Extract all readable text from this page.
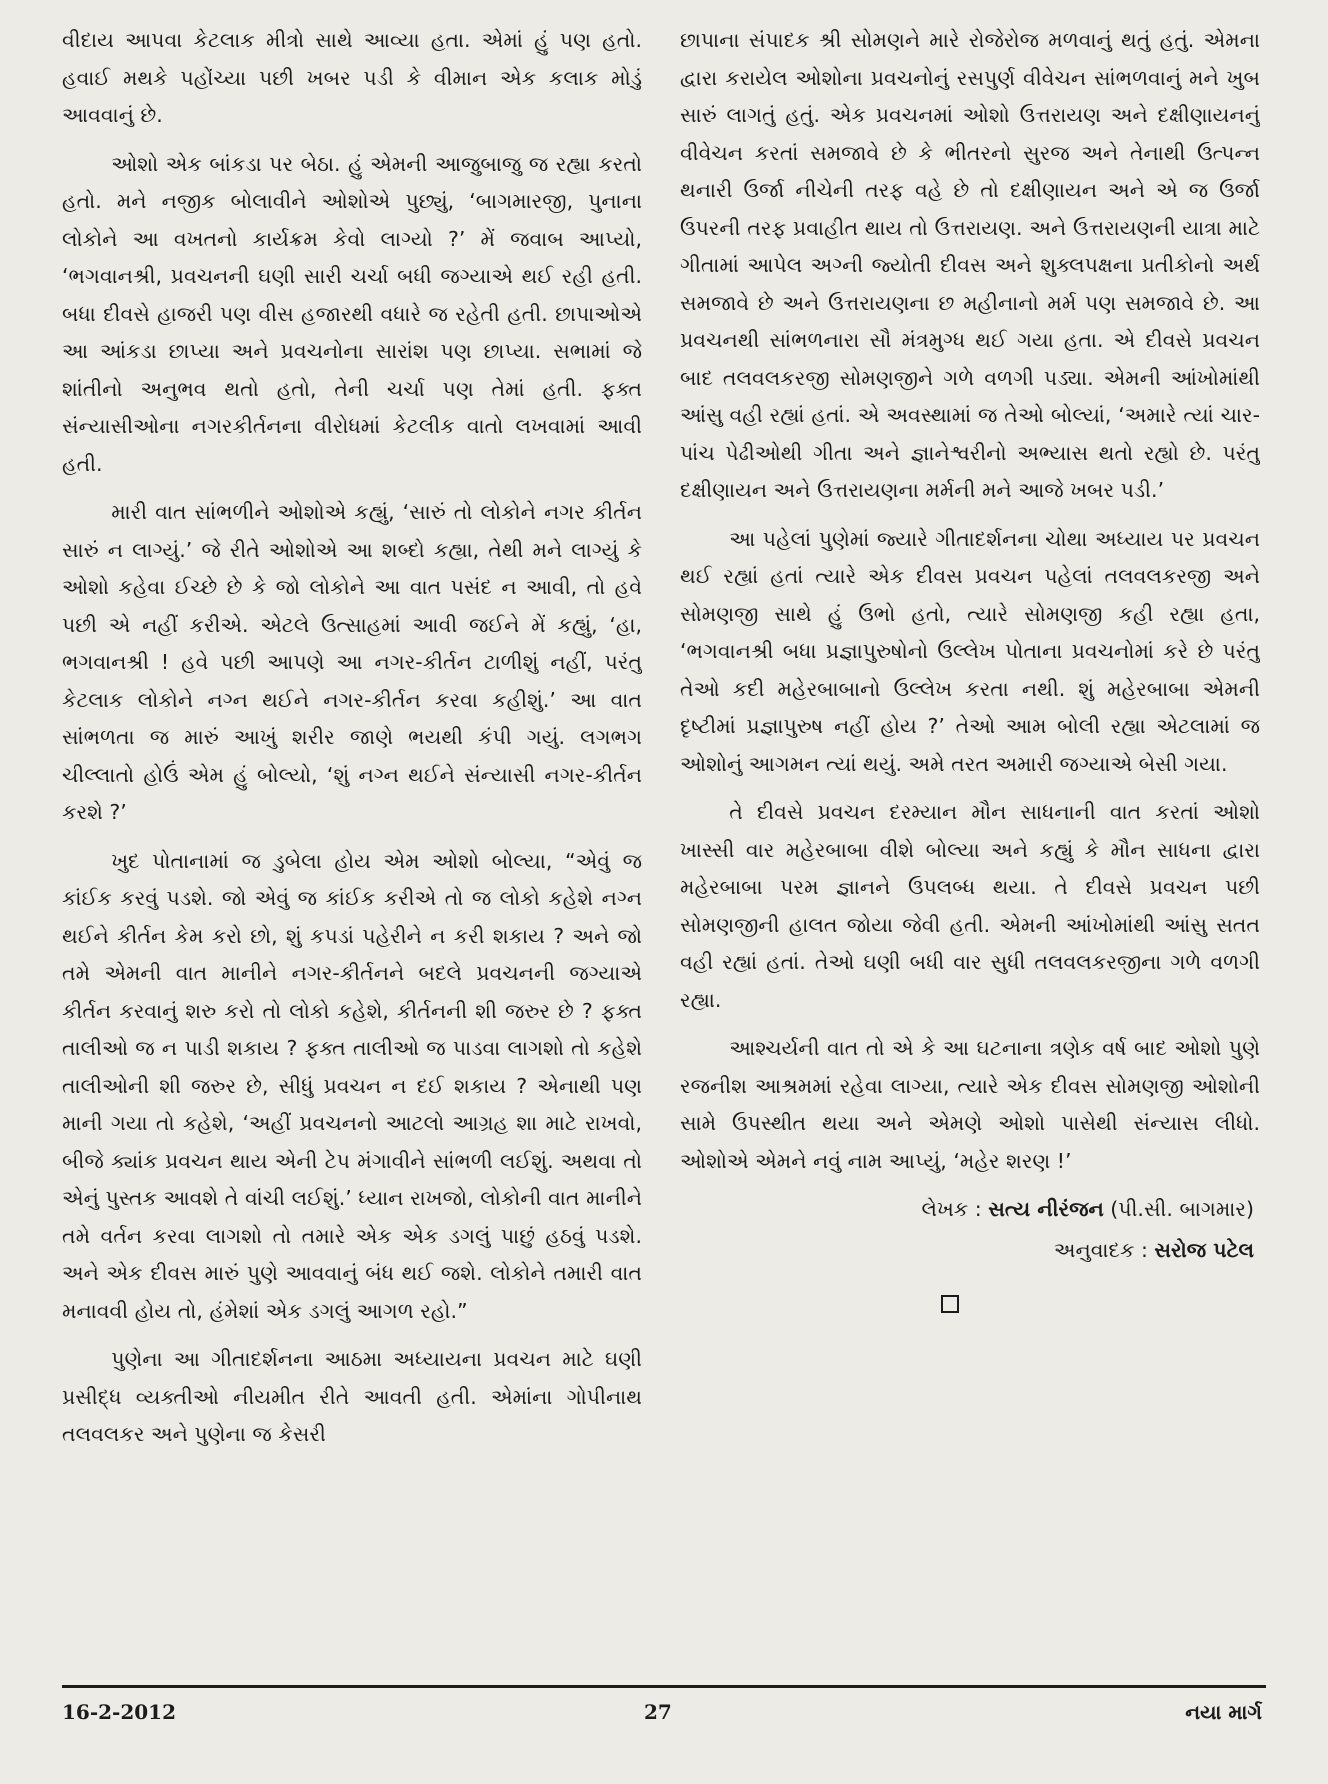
વીદાય આપવા કેટલાક મીત્રો સાથે આવ્યા હતા. એમાં હું પણ હતો. હવાઈ મથકે પહોંચ્યા પછી ખબર પડી કે વીમાન એક કલાક મોડું આવવાનું છે.

ઓશો એક બાંકડા પર બેઠા. હું એમની આજુબાજુ જ રહ્યા કરતો હતો. મને નજીક બોલાવીને ઓશોએ પુછ્યું, ‘બાગમારજી, પુનાના લોકોને આ વખતનો કાર્યક્રમ કેવો લાગ્યો ?’ મેં જવાબ આપ્યો, ‘ભગવાનશ્રી, પ્રવચનની ઘણી સારી ચર્ચા બધી જગ્યાએ થઈ રહી હતી. બધા દીવસે હાજરી પણ વીસ હજારથી વધારે જ રહેતી હતી. છાપાઓએ આ આંકડા છાપ્યા અને પ્રવચનોના સારાંશ પણ છાપ્યા. સભામાં જે શાંતીનો અનુભવ થતો હતો, તેની ચર્ચા પણ તેમાં હતી. ફક્ત સંન્યાસીઓના નગરકીર્તનના વીરોધમાં કેટલીક વાતો લખવામાં આવી હતી.

મારી વાત સાંભળીને ઓશોએ કહ્યું, ‘સારું તો લોકોને નગર કીર્તન સારું ન લાગ્યું.’ જે રીતે ઓશોએ આ શબ્દો કહ્યા, તેથી મને લાગ્યું કે ઓશો કહેવા ઈચ્છે છે કે જો લોકોને આ વાત પસંદ ન આવી, તો હવે પછી એ નહીં કરીએ. એટલે ઉત્સાહમાં આવી જઈને મેં કહ્યું, ‘હા, ભગવાનશ્રી ! હવે પછી આપણે આ નગર-કીર્તન ટાળીશું નહીં, પરંતુ કેટલાક લોકોને નગ્ન થઈને નગર-કીર્તન કરવા કહીશું.’ આ વાત સાંભળતા જ મારું આખું શરીર જાણે ભયથી કંપી ગયું. લગભગ ચીલ્લાતો હોઉં એમ હું બોલ્યો, ‘શું નગ્ન થઈને સંન્યાસી નગર-કીર્તન કરશે ?’

ખુદ પોતાનામાં જ ડુબેલા હોય એમ ઓશો બોલ્યા, “એવું જ કાંઈક કરવું પડશે. જો એવું જ કાંઈક કરીએ તો જ લોકો કહેશે નગ્ન થઈને કીર્તન કેમ કરો છો, શું કપડાં પહેરીને ન કરી શકાય ? અને જો તમે એમની વાત માનીને નગર-કીર્તનને બદલે પ્રવચનની જગ્યાએ કીર્તન કરવાનું શરુ કરો તો લોકો કહેશે, કીર્તનની શી જરુર છે ? ફક્ત તાલીઓ જ ન પાડી શકાય ? ફક્ત તાલીઓ જ પાડવા લાગશો તો કહેશે તાલીઓની શી જરુર છે, સીધું પ્રવચન ન દઈ શકાય ? એનાથી પણ માની ગયા તો કહેશે, ‘અહીં પ્રવચનનો આટલો આગ્રહ શા માટે રાખવો, બીજે ક્યાંક પ્રવચન થાય એની ટેપ મંગાવીને સાંભળી લઈશું. અથવા તો એનું પુસ્તક આવશે તે વાંચી લઈશું.’ ધ્યાન રાખજો, લોકોની વાત માનીને તમે વર્તન કરવા લાગશો તો તમારે એક એક ડગલું પાછું હઠવું પડશે. અને એક દીવસ મારું પુણે આવવાનું બંધ થઈ જશે. લોકોને તમારી વાત મનાવવી હોય તો, હંમેશાં એક ડગલું આગળ રહો.”

પુણેના આ ગીતાદર્શનના આઠમા અધ્યાયના પ્રવચન માટે ઘણી પ્રસીદ્ધ વ્યક્તીઓ નીયમીત રીતે આવતી હતી. એમાંના ગોપીનાથ તલવલકર અને પુણેના જ કેસરી

છાપાના સંપાદક શ્રી સોમણને મારે રોજેરોજ મળવાનું થતું હતું. એમના દ્વારા કરાયેલ ઓશોના પ્રવચનોનું રસપુર્ણ વીવેચન સાંભળવાનું મને ખુબ સારું લાગતું હતું. એક પ્રવચનમાં ઓશો ઉત્તરાયણ અને દક્ષીણાયનનું વીવેચન કરતાં સમજાવે છે કે ભીતરનો સુરજ અને તેનાથી ઉત્પન્ન થનારી ઉર્જા નીચેની તરફ વહે છે તો દક્ષીણાયન અને એ જ ઉર્જા ઉપરની તરફ પ્રવાહીત થાય તો ઉત્તરાયણ. અને ઉત્તરાયણની યાત્રા માટે ગીતામાં આપેલ અગ્ની જ્યોતી દીવસ અને શુક્લપક્ષના પ્રતીકોનો અર્થ સમજાવે છે અને ઉત્તરાયણના છ મહીનાનો મર્મ પણ સમજાવે છે. આ પ્રવચનથી સાંભળનારા સૌ મંત્રમુગ્ધ થઈ ગયા હતા. એ દીવસે પ્રવચન બાદ તલવલકરજી સોમણજીને ગળે વળગી પડ્યા. એમની આંખોમાંથી આંસુ વહી રહ્યાં હતાં. એ અવસ્થામાં જ તેઓ બોલ્યાં, ‘અમારે ત્યાં ચાર-પાંચ પેઢીઓથી ગીતા અને જ્ઞાનેશ્વરીનો અભ્યાસ થતો રહ્યો છે. પરંતુ દક્ષીણાયન અને ઉત્તરાયણના મર્મની મને આજે ખબર પડી.’

આ પહેલાં પુણેમાં જ્યારે ગીતાદર્શનના ચોથા અધ્યાય પર પ્રવચન થઈ રહ્યાં હતાં ત્યારે એક દીવસ પ્રવચન પહેલાં તલવલકરજી અને સોમણજી સાથે હું ઉભો હતો, ત્યારે સોમણજી કહી રહ્યા હતા, ‘ભગવાનશ્રી બધા પ્રજ્ઞાપુરુષોનો ઉલ્લેખ પોતાના પ્રવચનોમાં કરે છે પરંતુ તેઓ કદી મહેરબાબાનો ઉલ્લેખ કરતા નથી. શું મહેરબાબા એમની દૃષ્ટીમાં પ્રજ્ઞાપુરુષ નહીં હોય ?’ તેઓ આમ બોલી રહ્યા એટલામાં જ ઓશોનું આગમન ત્યાં થયું. અમે તરત અમારી જગ્યાએ બેસી ગયા.

તે દીવસે પ્રવચન દરમ્યાન મૌન સાધનાની વાત કરતાં ઓશો ખાસ્સી વાર મહેરબાબા વીશે બોલ્યા અને કહ્યું કે મૌન સાધના દ્વારા મહેરબાબા પરમ જ્ઞાનને ઉપલબ્ધ થયા. તે દીવસે પ્રવચન પછી સોમણજીની હાલત જોયા જેવી હતી. એમની આંખોમાંથી આંસુ સતત વહી રહ્યાં હતાં. તેઓ ઘણી બધી વાર સુધી તલવલકરજીના ગળે વળગી રહ્યા.

આશ્ચર્યની વાત તો એ કે આ ઘટનાના ત્રણેક વર્ષ બાદ ઓશો પુણે રજનીશ આશ્રમમાં રહેવા લાગ્યા, ત્યારે એક દીવસ સોમણજી ઓશોની સામે ઉપસ્થીત થયા અને એમણે ઓશો પાસેથી સંન્યાસ લીધો. ઓશોએ એમને નવું નામ આપ્યું, ‘મહેર શરણ !’

લેખક : સત્ય નીરંજન (પી.સી. બાગમાર)
અનુવાદક : સરોજ પટેલ
16-2-2012	27	નયા માર્ગ
